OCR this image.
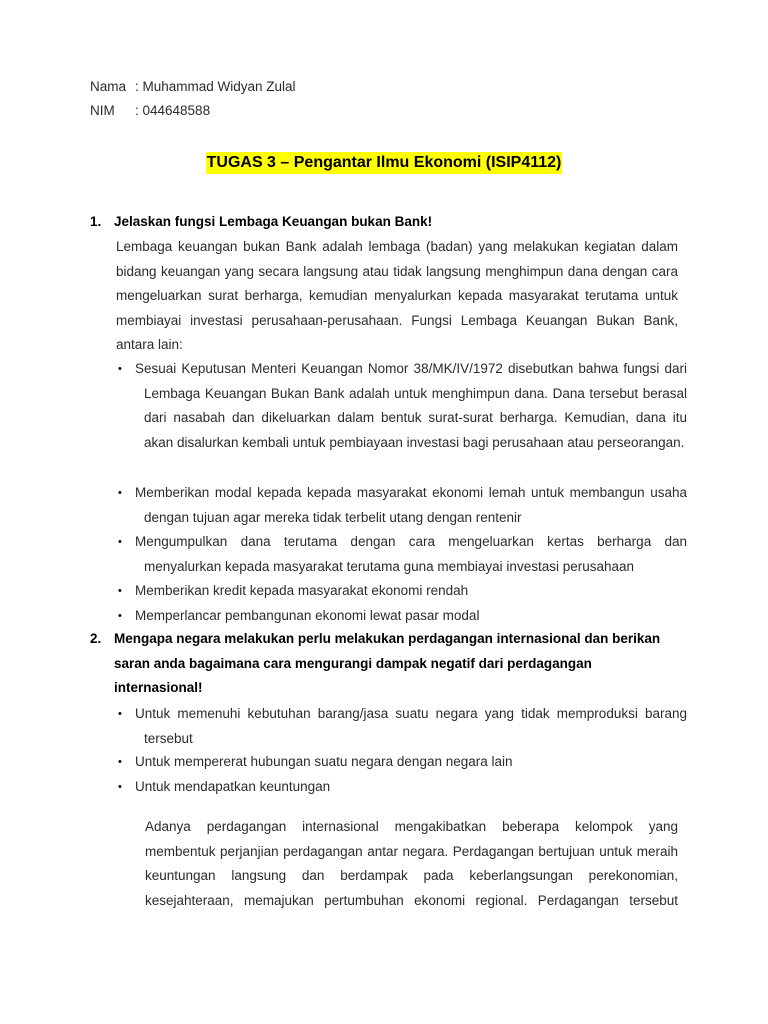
Nama : Muhammad Widyan Zulal
NIM	: 044648588
TUGAS 3 – Pengantar Ilmu Ekonomi (ISIP4112)
1. Jelaskan fungsi Lembaga Keuangan bukan Bank!
Lembaga keuangan bukan Bank adalah lembaga (badan) yang melakukan kegiatan dalam bidang keuangan yang secara langsung atau tidak langsung menghimpun dana dengan cara mengeluarkan surat berharga, kemudian menyalurkan kepada masyarakat terutama untuk membiayai investasi perusahaan-perusahaan. Fungsi Lembaga Keuangan Bukan Bank, antara lain:
• Sesuai Keputusan Menteri Keuangan Nomor 38/MK/IV/1972 disebutkan bahwa fungsi dari Lembaga Keuangan Bukan Bank adalah untuk menghimpun dana. Dana tersebut berasal dari nasabah dan dikeluarkan dalam bentuk surat-surat berharga. Kemudian, dana itu akan disalurkan kembali untuk pembiayaan investasi bagi perusahaan atau perseorangan.
• Memberikan modal kepada kepada masyarakat ekonomi lemah untuk membangun usaha dengan tujuan agar mereka tidak terbelit utang dengan rentenir
• Mengumpulkan dana terutama dengan cara mengeluarkan kertas berharga dan menyalurkan kepada masyarakat terutama guna membiayai investasi perusahaan
• Memberikan kredit kepada masyarakat ekonomi rendah
• Memperlancar pembangunan ekonomi lewat pasar modal
2. Mengapa negara melakukan perlu melakukan perdagangan internasional dan berikan saran anda bagaimana cara mengurangi dampak negatif dari perdagangan internasional!
• Untuk memenuhi kebutuhan barang/jasa suatu negara yang tidak memproduksi barang tersebut
• Untuk mempererat hubungan suatu negara dengan negara lain
• Untuk mendapatkan keuntungan
Adanya perdagangan internasional mengakibatkan beberapa kelompok yang membentuk perjanjian perdagangan antar negara. Perdagangan bertujuan untuk meraih keuntungan langsung dan berdampak pada keberlangsungan perekonomian, kesejahteraan, memajukan pertumbuhan ekonomi regional. Perdagangan tersebut
